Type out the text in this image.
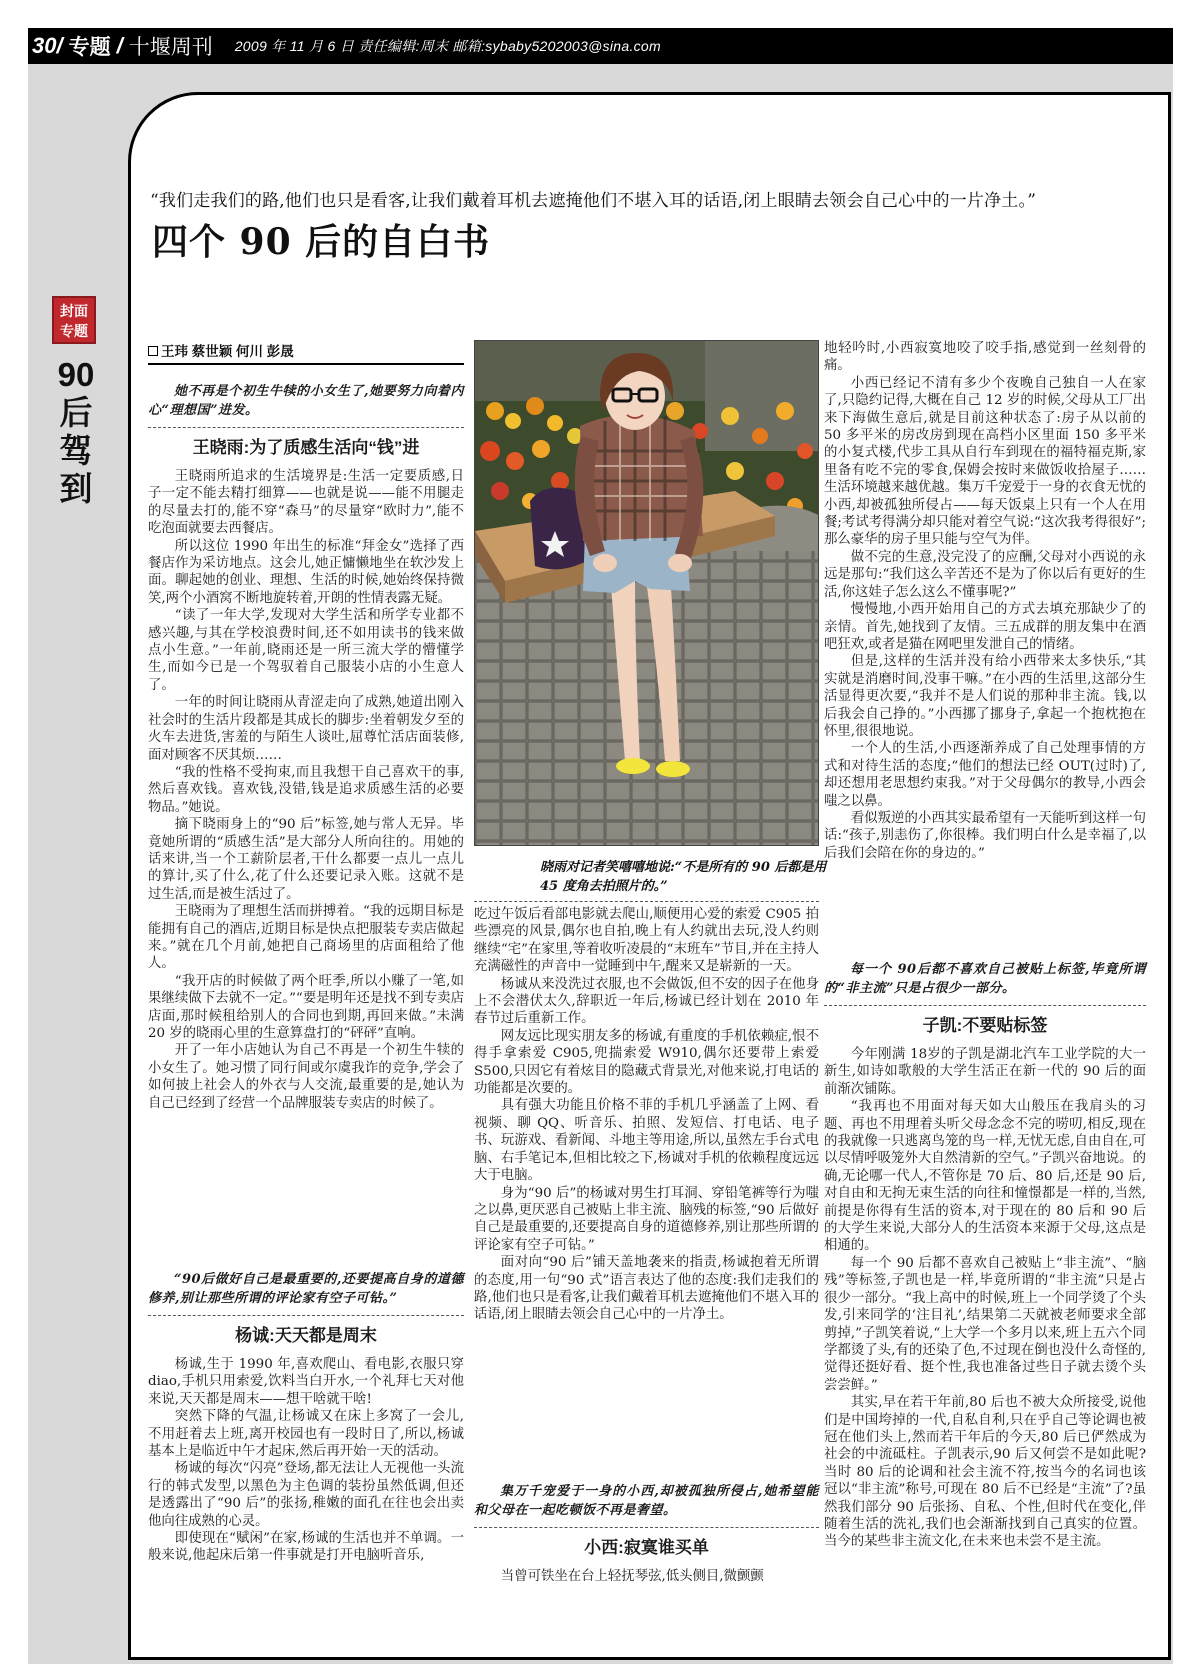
30/ 专题 / 十堰周刊 2009 年 11 月 6 日 责任编辑:周末 邮箱:sybaby5202003@sina.com
封面
专题
90后驾到
“我们走我们的路,他们也只是看客,让我们戴着耳机去遮掩他们不堪入耳的话语,闭上眼睛去领会自己心中的一片净土。”
四个 90 后的自白书
王玮 蔡世颖 何川 彭晟
她不再是个初生牛犊的小女生了,她要努力向着内心“理想国”进发。
王晓雨:为了质感生活向“钱”进

王晓雨所追求的生活境界是:生活一定要质感,日子一定不能去精打细算——也就是说——能不用腿走的尽量去打的,能不穿“森马”的尽量穿“欧时力”,能不吃泡面就要去西餐店。

所以这位 1990 年出生的标准“拜金女”选择了西餐店作为采访地点。这会儿,她正慵懒地坐在软沙发上面。聊起她的创业、理想、生活的时候,她始终保持微笑,两个小酒窝不断地旋转着,开朗的性情表露无疑。

“读了一年大学,发现对大学生活和所学专业都不感兴趣,与其在学校浪费时间,还不如用读书的钱来做点小生意。”一年前,晓雨还是一所三流大学的懵懂学生,而如今已是一个驾驭着自己服装小店的小生意人了。

一年的时间让晓雨从青涩走向了成熟,她道出刚入社会时的生活片段都是其成长的脚步:坐着朝发夕至的火车去进货,害羞的与陌生人谈吐,屈尊忙活店面装修,面对顾客不厌其烦……

“我的性格不受拘束,而且我想干自己喜欢干的事,然后喜欢钱。喜欢钱,没错,钱是追求质感生活的必要物品。”她说。

摘下晓雨身上的“90 后”标签,她与常人无异。毕竟她所谓的“质感生活”是大部分人所向往的。用她的话来讲,当一个工薪阶层者,干什么都要一点儿一点儿的算计,买了什么,花了什么还要记录入账。这就不是过生活,而是被生活过了。

王晓雨为了理想生活而拼搏着。“我的远期目标是能拥有自己的酒店,近期目标是快点把服装专卖店做起来。”就在几个月前,她把自己商场里的店面租给了他人。

“我开店的时候做了两个旺季,所以小赚了一笔,如果继续做下去就不一定。”“要是明年还是找不到专卖店店面,那时候租给别人的合同也到期,再回来做。”未满 20 岁的晓雨心里的生意算盘打的“砰砰”直响。

开了一年小店她认为自己不再是一个初生牛犊的小女生了。她习惯了同行间或尔虞我诈的竞争,学会了如何披上社会人的外衣与人交流,最重要的是,她认为自己已经到了经营一个品牌服装专卖店的时候了。

“90后做好自己是最重要的,还要提高自身的道德修养,别让那些所谓的评论家有空子可钻。”
杨诚:天天都是周末

杨诚,生于 1990 年,喜欢爬山、看电影,衣服只穿 diao,手机只用索爱,饮料当白开水,一个礼拜七天对他来说,天天都是周末——想干啥就干啥!

突然下降的气温,让杨诚又在床上多窝了一会儿,不用赶着去上班,离开校园也有一段时日了,所以,杨诚基本上是临近中午才起床,然后再开始一天的活动。

杨诚的每次“闪亮”登场,都无法让人无视他一头流行的韩式发型,以黑色为主色调的装扮虽然低调,但还是透露出了“90 后”的张扬,稚嫩的面孔在往也会出卖他向往成熟的心灵。

即使现在“赋闲”在家,杨诚的生活也并不单调。一般来说,他起床后第一件事就是打开电脑听音乐,

晓雨对记者笑嘻嘻地说:“不是所有的 90 后都是用 45 度角去拍照片的。”

吃过午饭后看部电影就去爬山,顺便用心爱的索爱 C905 拍些漂亮的风景,偶尔也自拍,晚上有人约就出去玩,没人约则继续“宅”在家里,等着收听凌晨的“末班车”节目,并在主持人充满磁性的声音中一觉睡到中午,醒来又是崭新的一天。

杨诚从来没洗过衣服,也不会做饭,但不安的因子在他身上不会潜伏太久,辞职近一年后,杨诚已经计划在 2010 年春节过后重新工作。

网友远比现实朋友多的杨诚,有重度的手机依赖症,恨不得手拿索爱 C905,兜揣索爱 W910,偶尔还要带上索爱 S500,只因它有着炫目的隐藏式背景光,对他来说,打电话的功能都是次要的。

具有强大功能且价格不菲的手机几乎涵盖了上网、看视频、聊 QQ、听音乐、拍照、发短信、打电话、电子书、玩游戏、看新闻、斗地主等用途,所以,虽然左手台式电脑、右手笔记本,但相比较之下,杨诚对手机的依赖程度远远大于电脑。

身为“90 后”的杨诚对男生打耳洞、穿铅笔裤等行为嗤之以鼻,更厌恶自己被贴上非主流、脑残的标签,“90 后做好自己是最重要的,还要提高自身的道德修养,别让那些所谓的评论家有空子可钻。”

面对向“90 后”铺天盖地袭来的指责,杨诚抱着无所谓的态度,用一句“90 式”语言表达了他的态度:我们走我们的路,他们也只是看客,让我们戴着耳机去遮掩他们不堪入耳的话语,闭上眼睛去领会自己心中的一片净土。

集万千宠爱于一身的小西,却被孤独所侵占,她希望能和父母在一起吃顿饭不再是奢望。
小西:寂寞谁买单

当曾可铁坐在台上轻抚琴弦,低头侧目,微颤颤

地轻吟时,小西寂寞地咬了咬手指,感觉到一丝刻骨的痛。

小西已经记不清有多少个夜晚自己独自一人在家了,只隐约记得,大概在自己 12 岁的时候,父母从工厂出来下海做生意后,就是目前这种状态了:房子从以前的 50 多平米的房改房到现在高档小区里面 150 多平米的小复式楼,代步工具从自行车到现在的福特福克斯,家里备有吃不完的零食,保姆会按时来做饭收拾屋子……生活环境越来越优越。集万千宠爱于一身的衣食无忧的小西,却被孤独所侵占——每天饭桌上只有一个人在用餐;考试考得满分却只能对着空气说:“这次我考得很好”;那么豪华的房子里只能与空气为伴。

做不完的生意,没完没了的应酬,父母对小西说的永远是那句:“我们这么辛苦还不是为了你以后有更好的生活,你这娃子怎么这么不懂事呢?”

慢慢地,小西开始用自己的方式去填充那缺少了的亲情。首先,她找到了友情。三五成群的朋友集中在酒吧狂欢,或者是猫在网吧里发泄自己的情绪。

但是,这样的生活并没有给小西带来太多快乐,“其实就是消磨时间,没事干嘛。”在小西的生活里,这部分生活显得更次要,“我并不是人们说的那种非主流。钱,以后我会自己挣的。”小西挪了挪身子,拿起一个抱枕抱在怀里,很很地说。

一个人的生活,小西逐渐养成了自己处理事情的方式和对待生活的态度;“他们的想法已经 OUT(过时)了,却还想用老思想约束我。”对于父母偶尔的教导,小西会嗤之以鼻。

看似叛逆的小西其实最希望有一天能听到这样一句话:“孩子,别恚伤了,你很棒。我们明白什么是幸福了,以后我们会陪在你的身边的。”

每一个 90后都不喜欢自己被贴上标签,毕竟所谓的“非主流”只是占很少一部分。
子凯:不要贴标签

今年刚满 18岁的子凯是湖北汽车工业学院的大一新生,如诗如歌般的大学生活正在新一代的 90 后的面前渐次铺陈。

“我再也不用面对每天如大山般压在我肩头的习题、再也不用理着头听父母念念不完的唠叨,相反,现在的我就像一只逃离鸟笼的鸟一样,无忧无虑,自由自在,可以尽情呼吸笼外大自然清新的空气。”子凯兴奋地说。的确,无论哪一代人,不管你是 70 后、80 后,还是 90 后,对自由和无拘无束生活的向往和憧憬都是一样的,当然,前提是你得有生活的资本,对于现在的 80 后和 90 后的大学生来说,大部分人的生活资本来源于父母,这点是相通的。

每一个 90 后都不喜欢自己被贴上“非主流”、“脑残”等标签,子凯也是一样,毕竟所谓的“非主流”只是占很少一部分。“我上高中的时候,班上一个同学烫了个头发,引来同学的‘注目礼’,结果第二天就被老师要求全部剪掉,”子凯笑着说,“上大学一个多月以来,班上五六个同学都烫了头,有的还染了色,不过现在倒也没什么奇怪的,觉得还挺好看、挺个性,我也准备过些日子就去烫个头尝尝鲜。”

其实,早在若干年前,80 后也不被大众所接受,说他们是中国垮掉的一代,自私自利,只在乎自己等论调也被冠在他们头上,然而若干年后的今天,80 后已俨然成为社会的中流砥柱。子凯表示,90 后又何尝不是如此呢?当时 80 后的论调和社会主流不符,按当今的名词也该冠以“非主流”称号,可现在 80 后不已经是“主流”了?虽然我们部分 90 后张扬、自私、个性,但时代在变化,伴随着生活的洗礼,我们也会渐渐找到自己真实的位置。当今的某些非主流文化,在未来也未尝不是主流。
